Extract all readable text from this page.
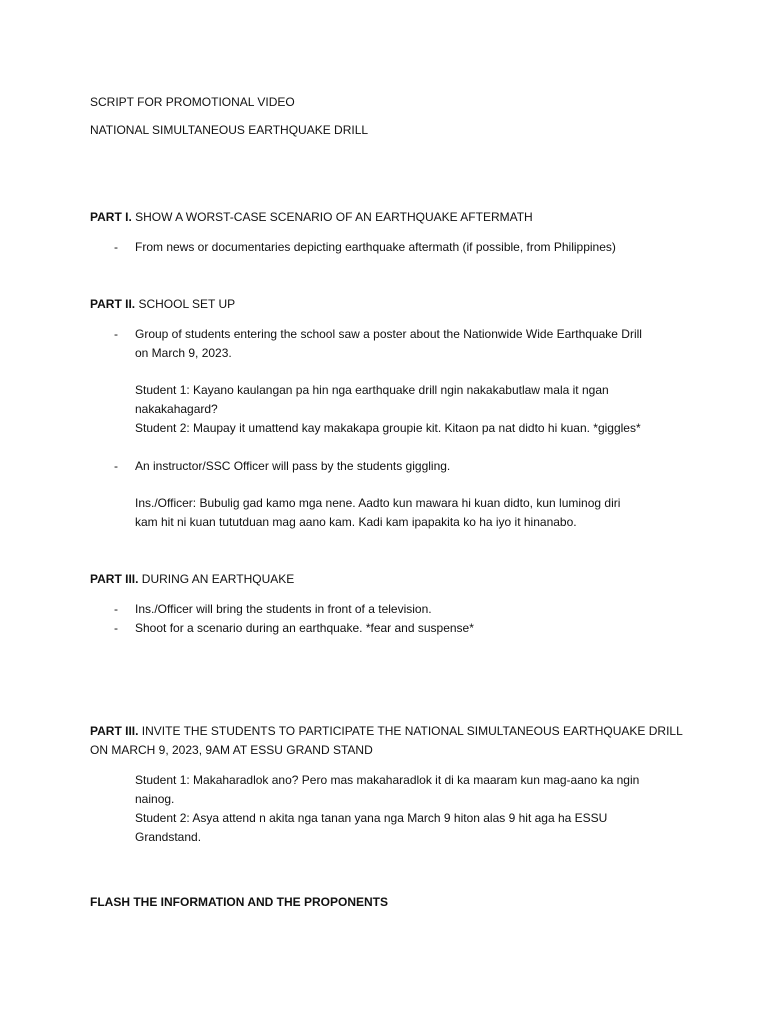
SCRIPT FOR PROMOTIONAL VIDEO
NATIONAL SIMULTANEOUS EARTHQUAKE DRILL
PART I. SHOW A WORST-CASE SCENARIO OF AN EARTHQUAKE AFTERMATH
- From news or documentaries depicting earthquake aftermath (if possible, from Philippines)
PART II. SCHOOL SET UP
- Group of students entering the school saw a poster about the Nationwide Wide Earthquake Drill
on March 9, 2023.
Student 1: Kayano kaulangan pa hin nga earthquake drill ngin nakakabutlaw mala it ngan
nakakahagard?
Student 2: Maupay it umattend kay makakapa groupie kit. Kitaon pa nat didto hi kuan. *giggles*
- An instructor/SSC Officer will pass by the students giggling.
Ins./Officer: Bubulig gad kamo mga nene. Aadto kun mawara hi kuan didto, kun luminog diri
kam hit ni kuan tututduan mag aano kam. Kadi kam ipapakita ko ha iyo it hinanabo.
PART III. DURING AN EARTHQUAKE
- Ins./Officer will bring the students in front of a television.
- Shoot for a scenario during an earthquake. *fear and suspense*
PART III. INVITE THE STUDENTS TO PARTICIPATE THE NATIONAL SIMULTANEOUS EARTHQUAKE DRILL
ON MARCH 9, 2023, 9AM AT ESSU GRAND STAND
Student 1: Makaharadlok ano? Pero mas makaharadlok it di ka maaram kun mag-aano ka ngin
nainog.
Student 2: Asya attend n akita nga tanan yana nga March 9 hiton alas 9 hit aga ha ESSU
Grandstand.
FLASH THE INFORMATION AND THE PROPONENTS
